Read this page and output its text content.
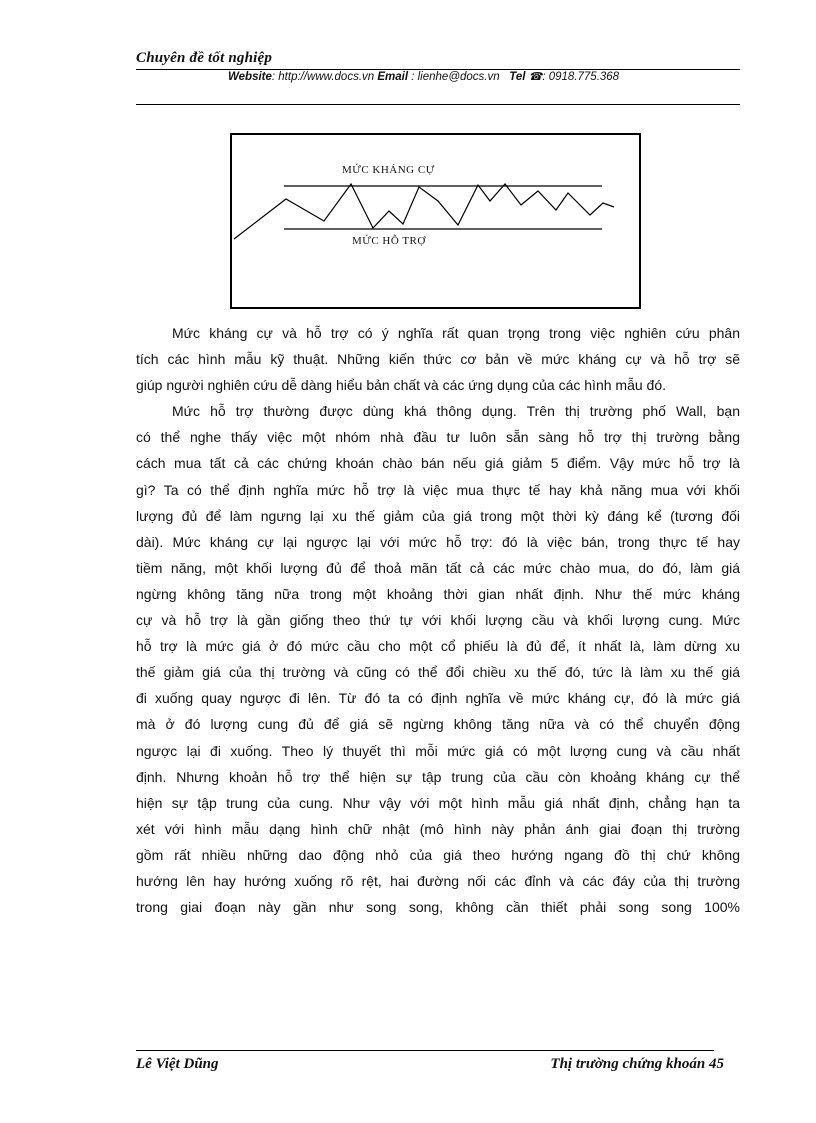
Chuyên đề tốt nghiệp
Website: http://www.docs.vn Email : lienhe@docs.vn Tel ☎: 0918.775.368
MỨC KHÁNG CỰ
MỨC HỖ TRỢ
Mức kháng cự và hỗ trợ có ý nghĩa rất quan trọng trong việc nghiên cứu phân
tích các hình mẫu kỹ thuật. Những kiến thức cơ bản về mức kháng cự và hỗ trợ sẽ
giúp người nghiên cứu dễ dàng hiểu bản chất và các ứng dụng của các hình mẫu đó.
Mức hỗ trợ thường được dùng khá thông dụng. Trên thị trường phố Wall, bạn
có thể nghe thấy việc một nhóm nhà đầu tư luôn sẵn sàng hỗ trợ thị trường bằng
cách mua tất cả các chứng khoán chào bán nếu giá giảm 5 điểm. Vậy mức hỗ trợ là
gì? Ta có thể định nghĩa mức hỗ trợ là việc mua thực tế hay khả năng mua với khối
lượng đủ để làm ngưng lại xu thế giảm của giá trong một thời kỳ đáng kể (tương đối
dài). Mức kháng cự lại ngược lại với mức hỗ trợ: đó là việc bán, trong thực tế hay
tiềm năng, một khối lượng đủ để thoả mãn tất cả các mức chào mua, do đó, làm giá
ngừng không tăng nữa trong một khoảng thời gian nhất định. Như thế mức kháng
cự và hỗ trợ là gần giống theo thứ tự với khối lượng cầu và khối lượng cung. Mức
hỗ trợ là mức giá ở đó mức cầu cho một cổ phiếu là đủ để, ít nhất là, làm dừng xu
thế giảm giá của thị trường và cũng có thể đổi chiều xu thế đó, tức là làm xu thế giá
đi xuống quay ngược đi lên. Từ đó ta có định nghĩa về mức kháng cự, đó là mức giá
mà ở đó lượng cung đủ để giá sẽ ngừng không tăng nữa và có thể chuyển động
ngược lại đi xuống. Theo lý thuyết thì mỗi mức giá có một lượng cung và cầu nhất
định. Nhưng khoản hỗ trợ thể hiện sự tập trung của cầu còn khoảng kháng cự thể
hiện sự tập trung của cung. Như vậy với một hình mẫu giá nhất định, chẳng hạn ta
xét với hình mẫu dạng hình chữ nhật (mô hình này phản ánh giai đoạn thị trường
gồm rất nhiều những dao động nhỏ của giá theo hướng ngang đồ thị chứ không
hướng lên hay hướng xuống rõ rệt, hai đường nối các đỉnh và các đáy của thị trường
trong giai đoạn này gần như song song, không cần thiết phải song song 100%
Lê Việt Dũng	Thị trường chứng khoán 45
